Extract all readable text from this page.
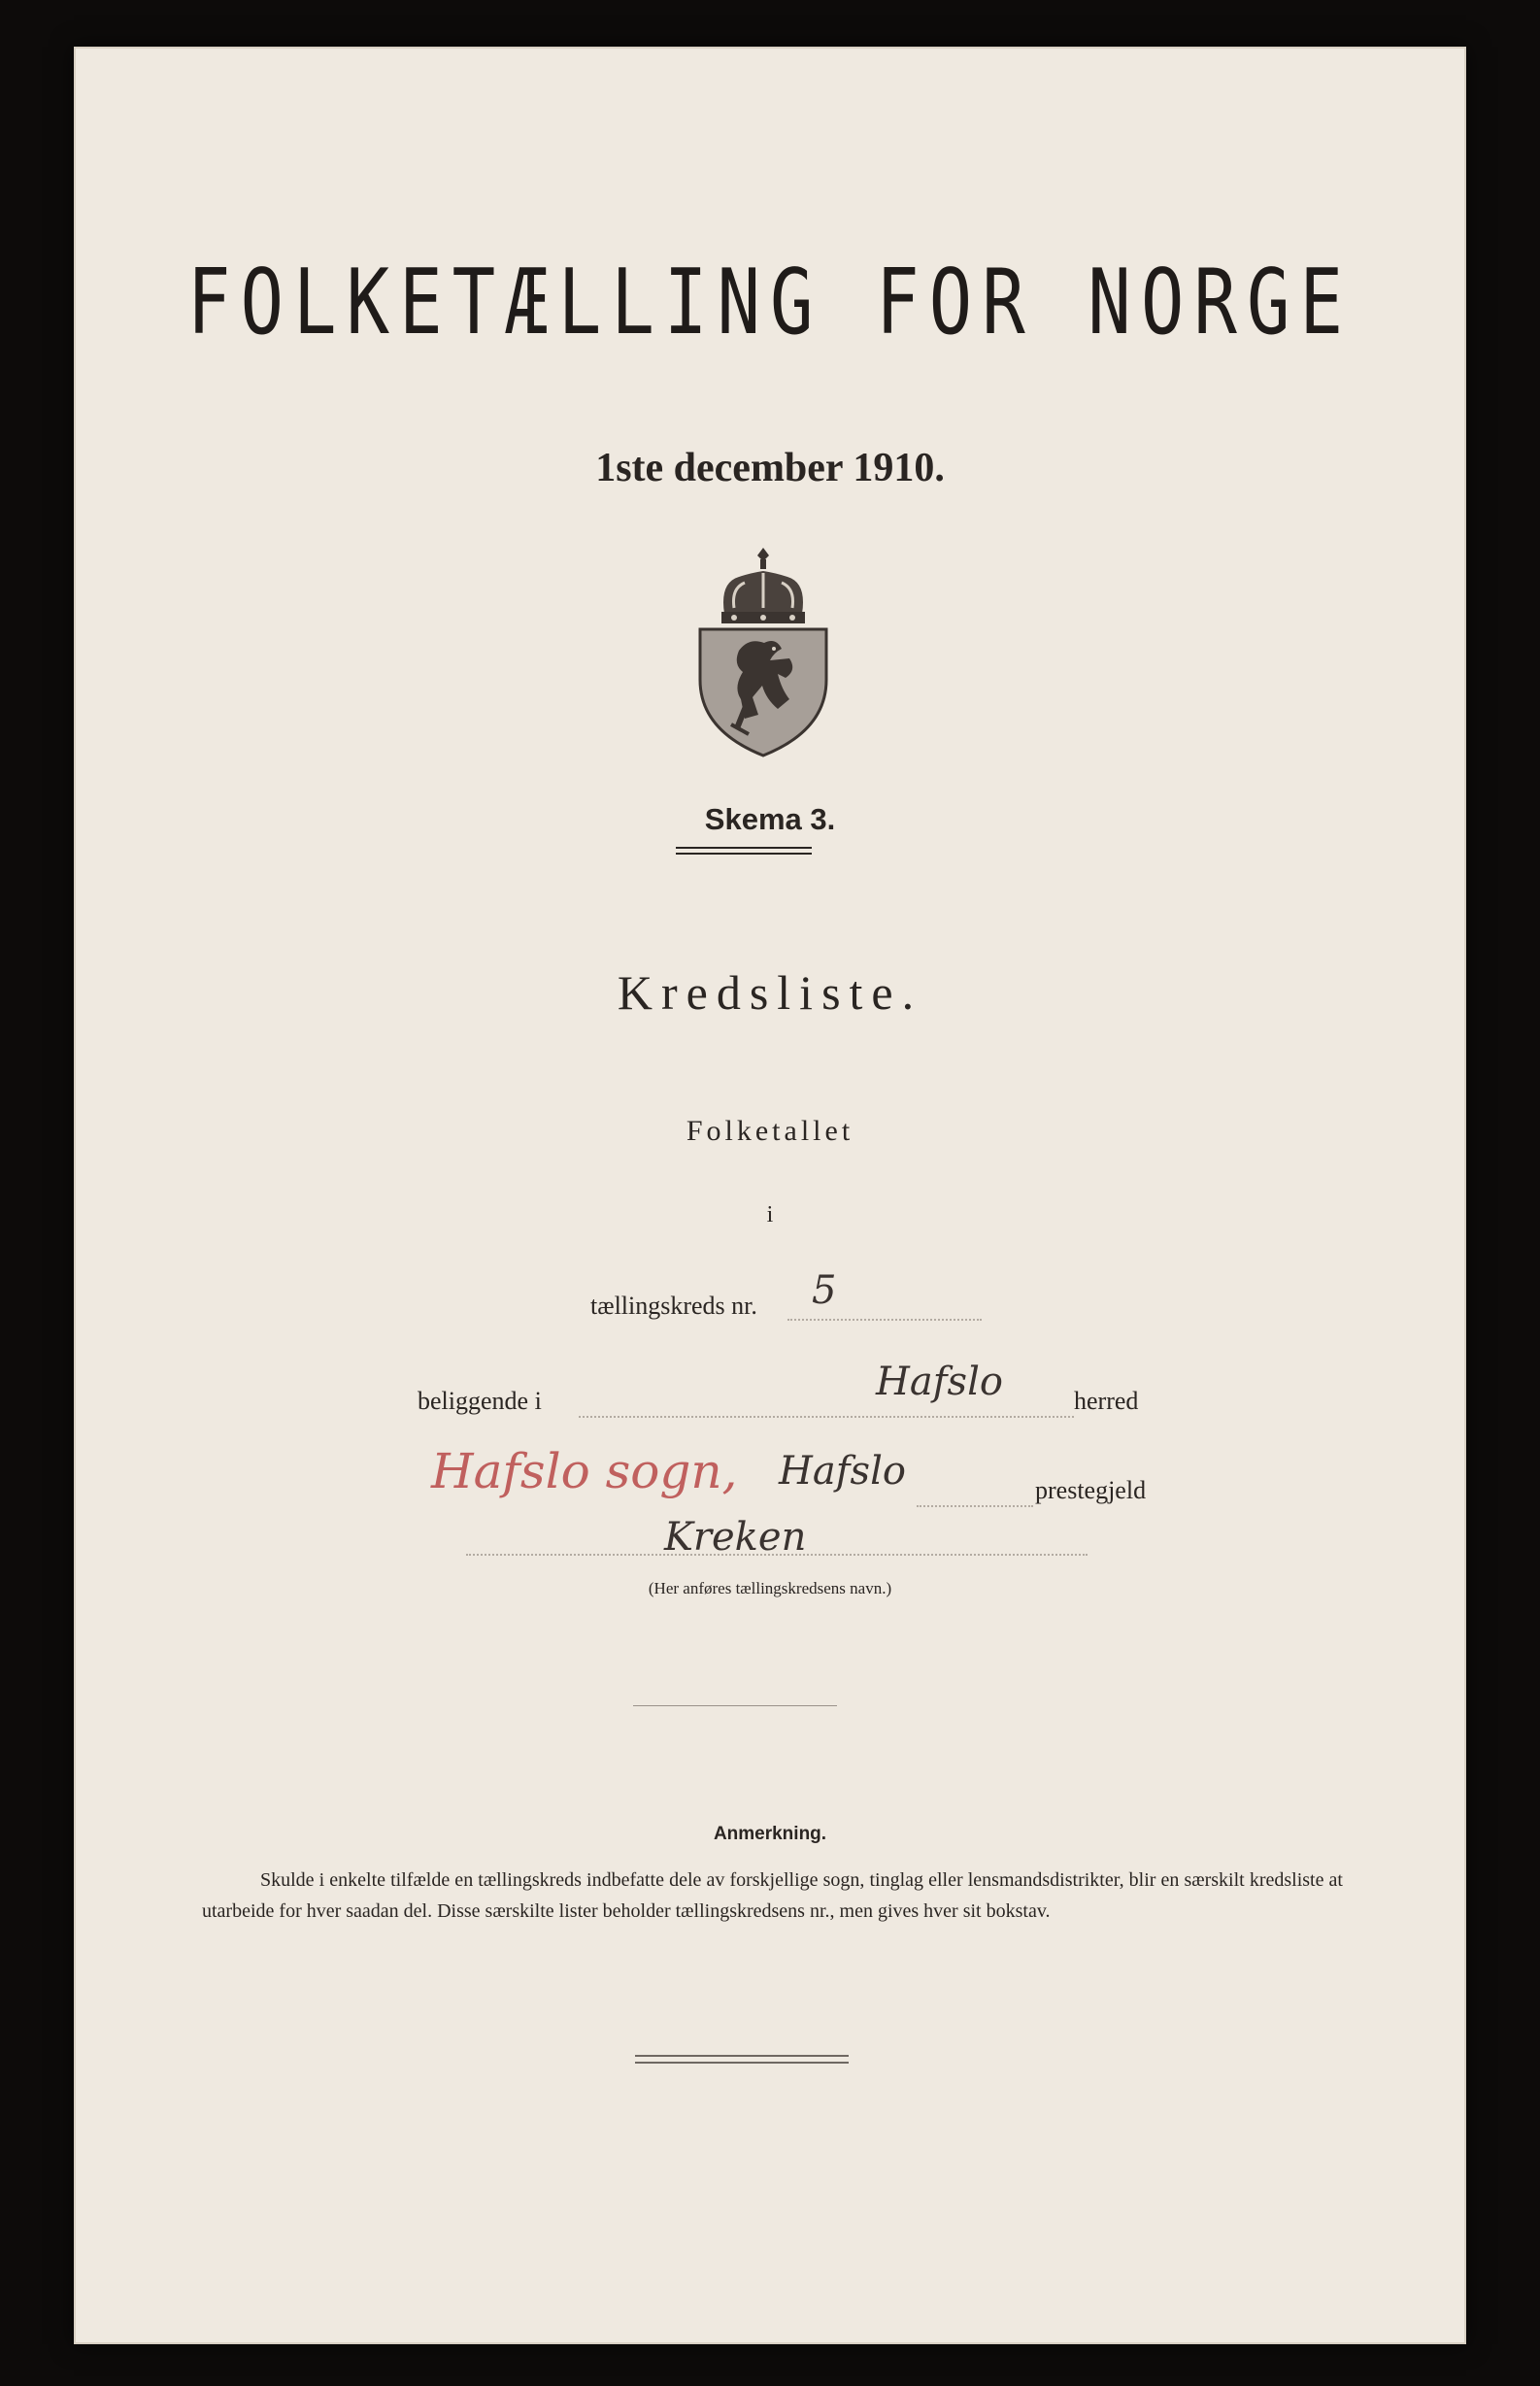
FOLKETÆLLING FOR NORGE
1ste december 1910.
Skema 3.
Kredsliste.
Folketallet
i
tællingskreds nr. 5
beliggende i	Hafslo	herred
Hafslo sogn, Hafslo	prestegjeld
Kreken
(Her anføres tællingskredsens navn.)
Anmerkning.
Skulde i enkelte tilfælde en tællingskreds indbefatte dele av forskjellige sogn, tinglag eller lensmandsdistrikter, blir en særskilt kredsliste at utarbeide for hver saadan del. Disse særskilte lister beholder tællingskredsens nr., men gives hver sit bokstav.
